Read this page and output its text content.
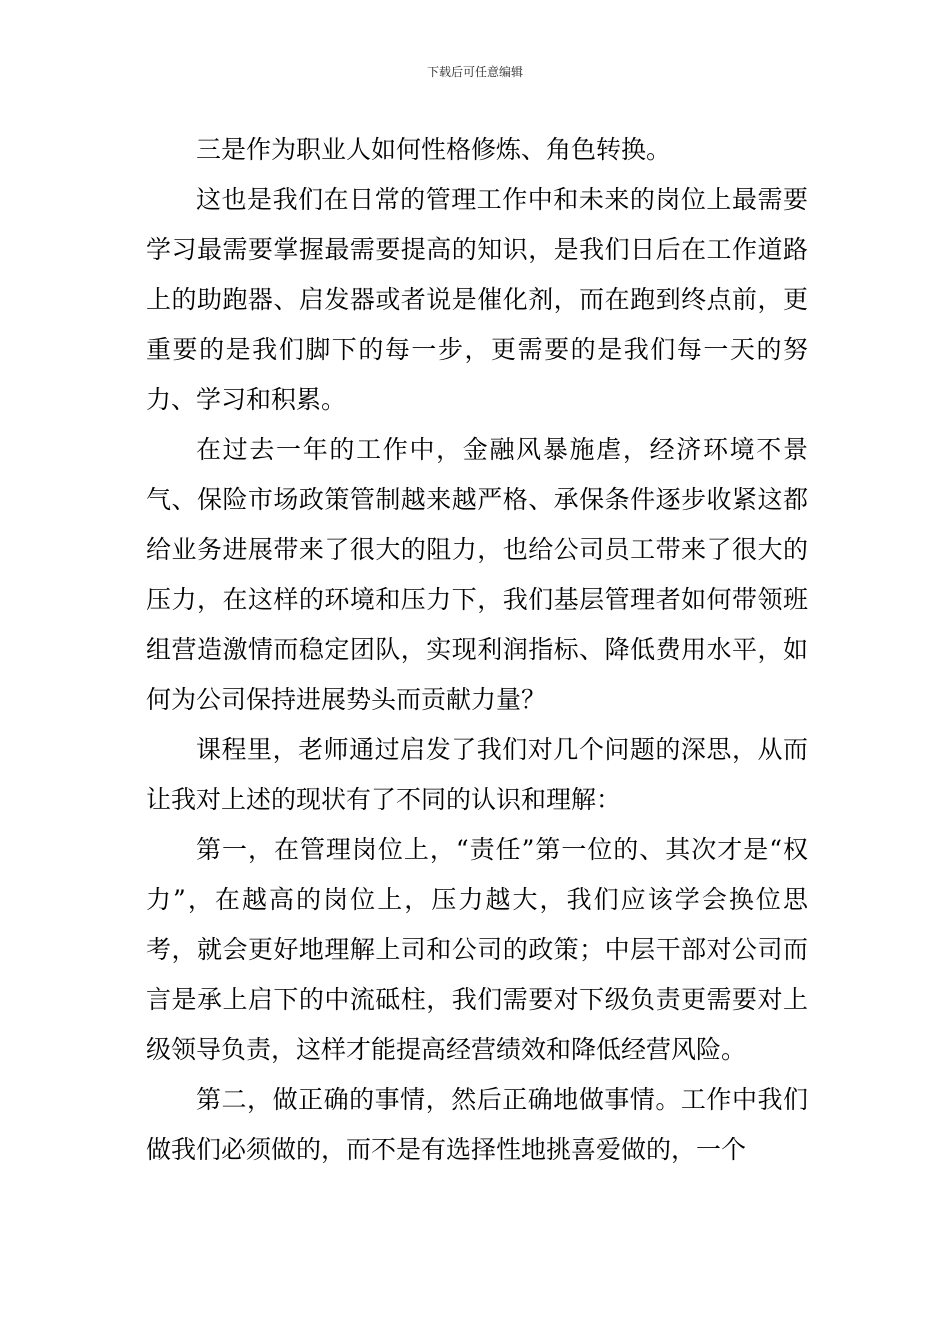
下载后可任意编辑

三是作为职业人如何性格修炼、角色转换。

这也是我们在日常的管理工作中和未来的岗位上最需要学习最需要掌握最需要提高的知识，是我们日后在工作道路上的助跑器、启发器或者说是催化剂，而在跑到终点前，更重要的是我们脚下的每一步，更需要的是我们每一天的努力、学习和积累。

在过去一年的工作中，金融风暴施虐，经济环境不景气、保险市场政策管制越来越严格、承保条件逐步收紧这都给业务进展带来了很大的阻力，也给公司员工带来了很大的压力，在这样的环境和压力下，我们基层管理者如何带领班组营造激情而稳定团队，实现利润指标、降低费用水平，如何为公司保持进展势头而贡献力量？

课程里，老师通过启发了我们对几个问题的深思，从而让我对上述的现状有了不同的认识和理解：

第一，在管理岗位上，“责任”第一位的、其次才是“权力”，在越高的岗位上，压力越大，我们应该学会换位思考，就会更好地理解上司和公司的政策；中层干部对公司而言是承上启下的中流砥柱，我们需要对下级负责更需要对上级领导负责，这样才能提高经营绩效和降低经营风险。

第二，做正确的事情，然后正确地做事情。工作中我们做我们必须做的，而不是有选择性地挑喜爱做的，一个
